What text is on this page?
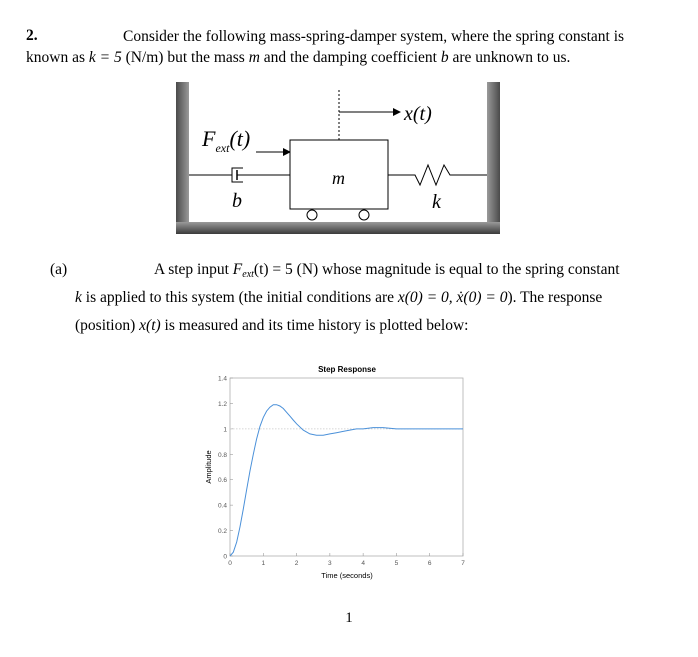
2.	Consider the following mass-spring-damper system, where the spring constant is
known as k = 5 (N/m) but the mass m and the damping coefficient b are unknown to us.
$F_{ext}(t)$
m
x(t)
b	k
(a)	A step input $F_{ext}(t) = 5$ (N) whose magnitude is equal to the spring constant
k is applied to this system (the initial conditions are x(0) = 0, ẋ(0) = 0). The response
(position) x(t) is measured and its time history is plotted below:
Step Response
0
0.2
0.4
0.6
0.8
1
1.2
1.4
0	1	2	3	4	5	6	7
Time (seconds)
Amplitude
1
